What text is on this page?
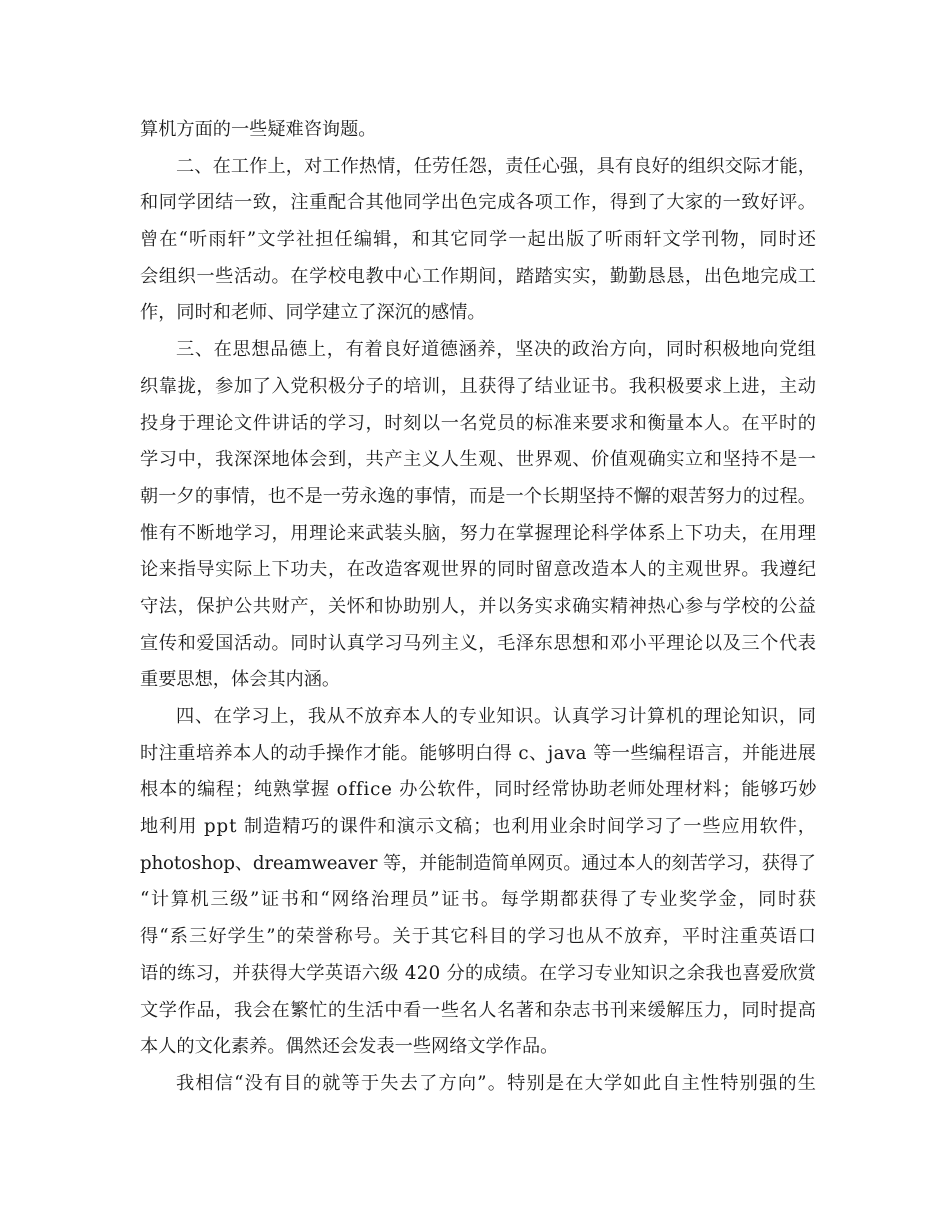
算机方面的一些疑难咨询题。
二、在工作上，对工作热情，任劳任怨，责任心强，具有良好的组织交际才能，
和同学团结一致，注重配合其他同学出色完成各项工作，得到了大家的一致好评。
曾在“听雨轩”文学社担任编辑，和其它同学一起出版了听雨轩文学刊物，同时还
会组织一些活动。在学校电教中心工作期间，踏踏实实，勤勤恳恳，出色地完成工
作，同时和老师、同学建立了深沉的感情。
三、在思想品德上，有着良好道德涵养，坚决的政治方向，同时积极地向党组
织靠拢，参加了入党积极分子的培训，且获得了结业证书。我积极要求上进，主动
投身于理论文件讲话的学习，时刻以一名党员的标准来要求和衡量本人。在平时的
学习中，我深深地体会到，共产主义人生观、世界观、价值观确实立和坚持不是一
朝一夕的事情，也不是一劳永逸的事情，而是一个长期坚持不懈的艰苦努力的过程。
惟有不断地学习，用理论来武装头脑，努力在掌握理论科学体系上下功夫，在用理
论来指导实际上下功夫，在改造客观世界的同时留意改造本人的主观世界。我遵纪
守法，保护公共财产，关怀和协助别人，并以务实求确实精神热心参与学校的公益
宣传和爱国活动。同时认真学习马列主义，毛泽东思想和邓小平理论以及三个代表
重要思想，体会其内涵。
四、在学习上，我从不放弃本人的专业知识。认真学习计算机的理论知识，同
时注重培养本人的动手操作才能。能够明白得 c、java 等一些编程语言，并能进展
根本的编程；纯熟掌握 office 办公软件，同时经常协助老师处理材料；能够巧妙
地利用 ppt 制造精巧的课件和演示文稿；也利用业余时间学习了一些应用软件，
photoshop、dreamweaver 等，并能制造简单网页。通过本人的刻苦学习，获得了
“计算机三级”证书和“网络治理员”证书。每学期都获得了专业奖学金，同时获
得“系三好学生”的荣誉称号。关于其它科目的学习也从不放弃，平时注重英语口
语的练习，并获得大学英语六级 420 分的成绩。在学习专业知识之余我也喜爱欣赏
文学作品，我会在繁忙的生活中看一些名人名著和杂志书刊来缓解压力，同时提高
本人的文化素养。偶然还会发表一些网络文学作品。
我相信“没有目的就等于失去了方向”。特别是在大学如此自主性特别强的生
